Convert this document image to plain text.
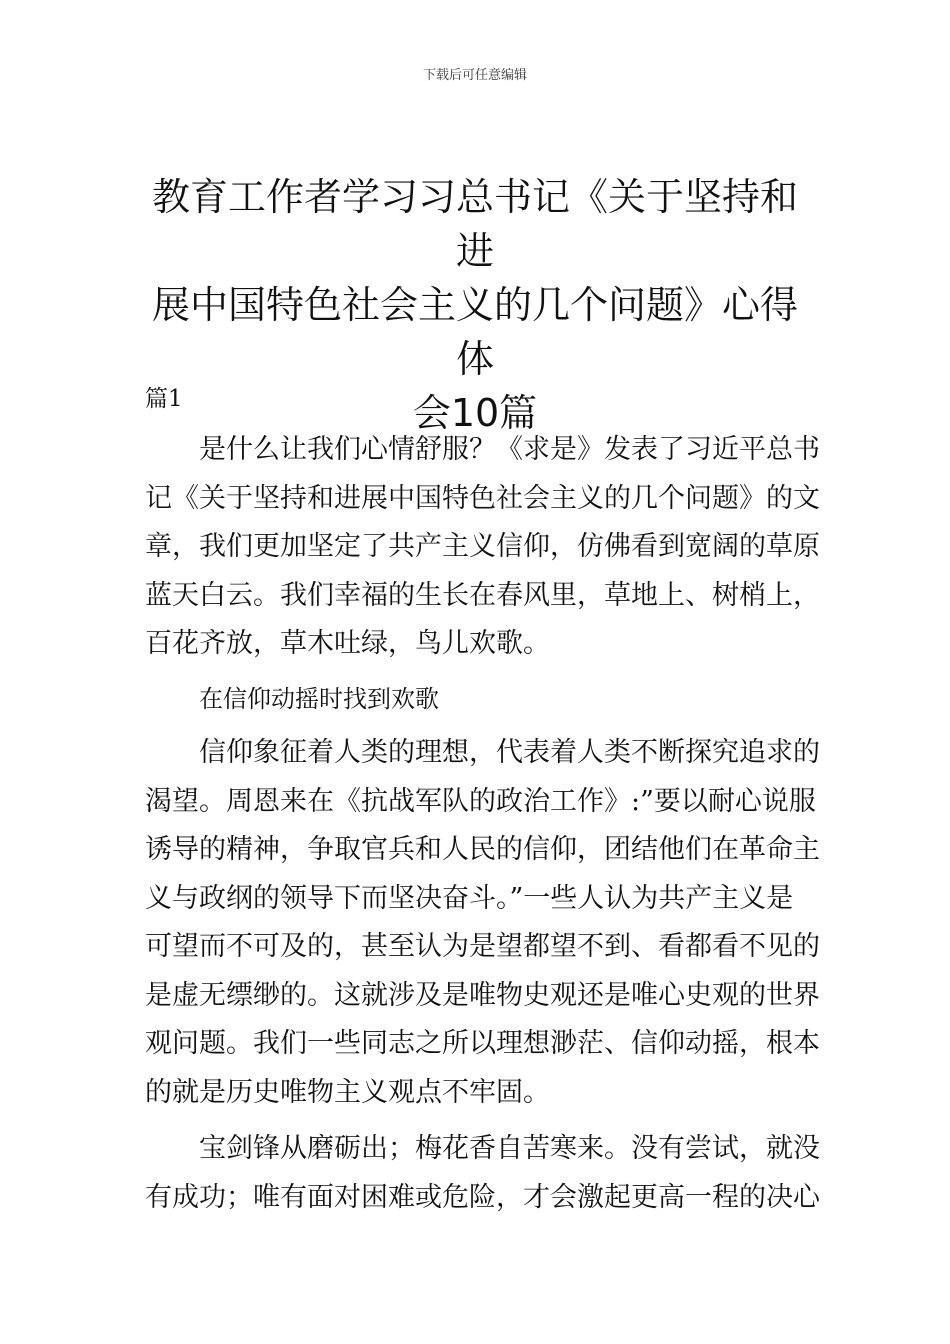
下载后可任意编辑
教育工作者学习习总书记《关于坚持和进
展中国特色社会主义的几个问题》心得体
会10篇
篇1

是什么让我们心情舒服？《求是》发表了习近平总书
记《关于坚持和进展中国特色社会主义的几个问题》的文
章，我们更加坚定了共产主义信仰，仿佛看到宽阔的草原
蓝天白云。我们幸福的生长在春风里，草地上、树梢上，
百花齐放，草木吐绿，鸟儿欢歌。

在信仰动摇时找到欢歌

信仰象征着人类的理想，代表着人类不断探究追求的
渴望。周恩来在《抗战军队的政治工作》:”要以耐心说服
诱导的精神，争取官兵和人民的信仰，团结他们在革命主
义与政纲的领导下而坚决奋斗。”一些人认为共产主义是
可望而不可及的，甚至认为是望都望不到、看都看不见的
是虚无缥缈的。这就涉及是唯物史观还是唯心史观的世界
观问题。我们一些同志之所以理想渺茫、信仰动摇，根本
的就是历史唯物主义观点不牢固。

宝剑锋从磨砺出；梅花香自苦寒来。没有尝试，就没
有成功；唯有面对困难或危险，才会激起更高一程的决心
